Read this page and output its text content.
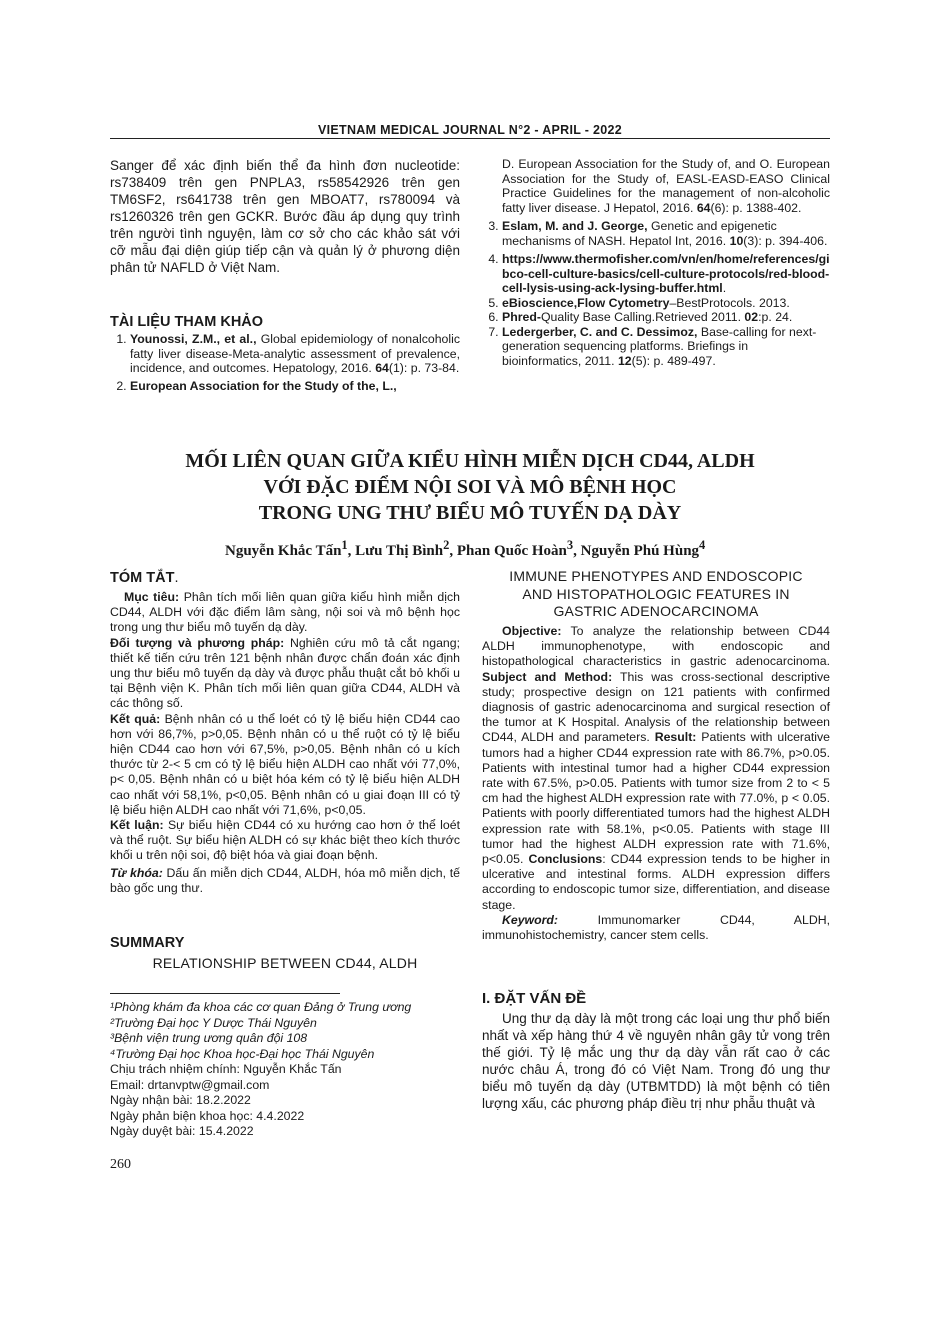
VIETNAM MEDICAL JOURNAL N°2 - APRIL - 2022
Sanger để xác định biến thể đa hình đơn nucleotide: rs738409 trên gen PNPLA3, rs58542926 trên gen TM6SF2, rs641738 trên gen MBOAT7, rs780094 và rs1260326 trên gen GCKR. Bước đầu áp dụng quy trình trên người tình nguyện, làm cơ sở cho các khảo sát với cỡ mẫu đại diện giúp tiếp cận và quản lý ở phương diện phân tử NAFLD ở Việt Nam.
TÀI LIỆU THAM KHẢO
1. Younossi, Z.M., et al., Global epidemiology of nonalcoholic fatty liver disease-Meta-analytic assessment of prevalence, incidence, and outcomes. Hepatology, 2016. 64(1): p. 73-84.
2. European Association for the Study of the, L.,
D. European Association for the Study of, and O. European Association for the Study of, EASL-EASD-EASO Clinical Practice Guidelines for the management of non-alcoholic fatty liver disease. J Hepatol, 2016. 64(6): p. 1388-402.
3. Eslam, M. and J. George, Genetic and epigenetic mechanisms of NASH. Hepatol Int, 2016. 10(3): p. 394-406.
4. https://www.thermofisher.com/vn/en/home/references/gibco-cell-culture-basics/cell-culture-protocols/red-blood-cell-lysis-using-ack-lysing-buffer.html.
5. eBioscience,Flow Cytometry–BestProtocols. 2013.
6. Phred-Quality Base Calling.Retrieved 2011. 02:p. 24.
7. Ledergerber, C. and C. Dessimoz, Base-calling for next-generation sequencing platforms. Briefings in bioinformatics, 2011. 12(5): p. 489-497.
MỐI LIÊN QUAN GIỮA KIỂU HÌNH MIỄN DỊCH CD44, ALDH
VỚI ĐẶC ĐIỂM NỘI SOI VÀ MÔ BỆNH HỌC
TRONG UNG THƯ BIỂU MÔ TUYẾN DẠ DÀY
Nguyễn Khắc Tấn$^1$, Lưu Thị Bình$^2$, Phan Quốc Hoàn$^3$, Nguyễn Phú Hùng$^4$
TÓM TẮT.
Mục tiêu: Phân tích mối liên quan giữa kiểu hình miễn dịch CD44, ALDH với đặc điểm lâm sàng, nội soi và mô bệnh học trong ung thư biểu mô tuyến dạ dày.
Đối tượng và phương pháp: Nghiên cứu mô tả cắt ngang; thiết kế tiến cứu trên 121 bệnh nhân được chẩn đoán xác định ung thư biểu mô tuyến dạ dày và được phẫu thuật cắt bỏ khối u tại Bệnh viện K. Phân tích mối liên quan giữa CD44, ALDH và các thông số.
Kết quả: Bệnh nhân có u thể loét có tỷ lệ biểu hiện CD44 cao hơn với 86,7%, p>0,05. Bệnh nhân có u thể ruột có tỷ lệ biểu hiện CD44 cao hơn với 67,5%, p>0,05. Bệnh nhân có u kích thước từ 2-< 5 cm có tỷ lệ biểu hiện ALDH cao nhất với 77,0%, p< 0,05. Bệnh nhân có u biệt hóa kém có tỷ lệ biểu hiện ALDH cao nhất với 58,1%, p<0,05. Bệnh nhân có u giai đoạn III có tỷ lệ biểu hiện ALDH cao nhất với 71,6%, p<0,05.
Kết luận: Sự biểu hiện CD44 có xu hướng cao hơn ở thể loét và thể ruột. Sự biểu hiện ALDH có sự khác biệt theo kích thước khối u trên nội soi, độ biệt hóa và giai đoạn bệnh.
Từ khóa: Dấu ấn miễn dịch CD44, ALDH, hóa mô miễn dịch, tế bào gốc ung thư.
SUMMARY
RELATIONSHIP BETWEEN CD44, ALDH
IMMUNE PHENOTYPES AND ENDOSCOPIC
AND HISTOPATHOLOGIC FEATURES IN
GASTRIC ADENOCARCINOMA
Objective: To analyze the relationship between CD44 ALDH immunophenotype, with endoscopic and histopathological characteristics in gastric adenocarcinoma. Subject and Method: This was cross-sectional descriptive study; prospective design on 121 patients with confirmed diagnosis of gastric adenocarcinoma and surgical resection of the tumor at K Hospital. Analysis of the relationship between CD44, ALDH and parameters. Result: Patients with ulcerative tumors had a higher CD44 expression rate with 86.7%, p>0.05. Patients with intestinal tumor had a higher CD44 expression rate with 67.5%, p>0.05. Patients with tumor size from 2 to < 5 cm had the highest ALDH expression rate with 77.0%, p < 0.05. Patients with poorly differentiated tumors had the highest ALDH expression rate with 58.1%, p<0.05. Patients with stage III tumor had the highest ALDH expression rate with 71.6%, p<0.05. Conclusions: CD44 expression tends to be higher in ulcerative and intestinal forms. ALDH expression differs according to endoscopic tumor size, differentiation, and disease stage.
Keyword: Immunomarker CD44, ALDH, immunohistochemistry, cancer stem cells.
I. ĐẶT VẤN ĐỀ
Ung thư dạ dày là một trong các loại ung thư phổ biến nhất và xếp hàng thứ 4 về nguyên nhân gây tử vong trên thế giới. Tỷ lệ mắc ung thư dạ dày vẫn rất cao ở các nước châu Á, trong đó có Việt Nam. Trong đó ung thư biểu mô tuyến dạ dày (UTBMTDD) là một bệnh có tiên lượng xấu, các phương pháp điều trị như phẫu thuật và
¹Phòng khám đa khoa các cơ quan Đảng ở Trung ương
²Trường Đại học Y Dược Thái Nguyên
³Bệnh viện trung ương quân đội 108
⁴Trường Đại học Khoa học-Đại học Thái Nguyên
Chịu trách nhiệm chính: Nguyễn Khắc Tấn
Email: drtanvptw@gmail.com
Ngày nhận bài: 18.2.2022
Ngày phản biện khoa học: 4.4.2022
Ngày duyệt bài: 15.4.2022
260
